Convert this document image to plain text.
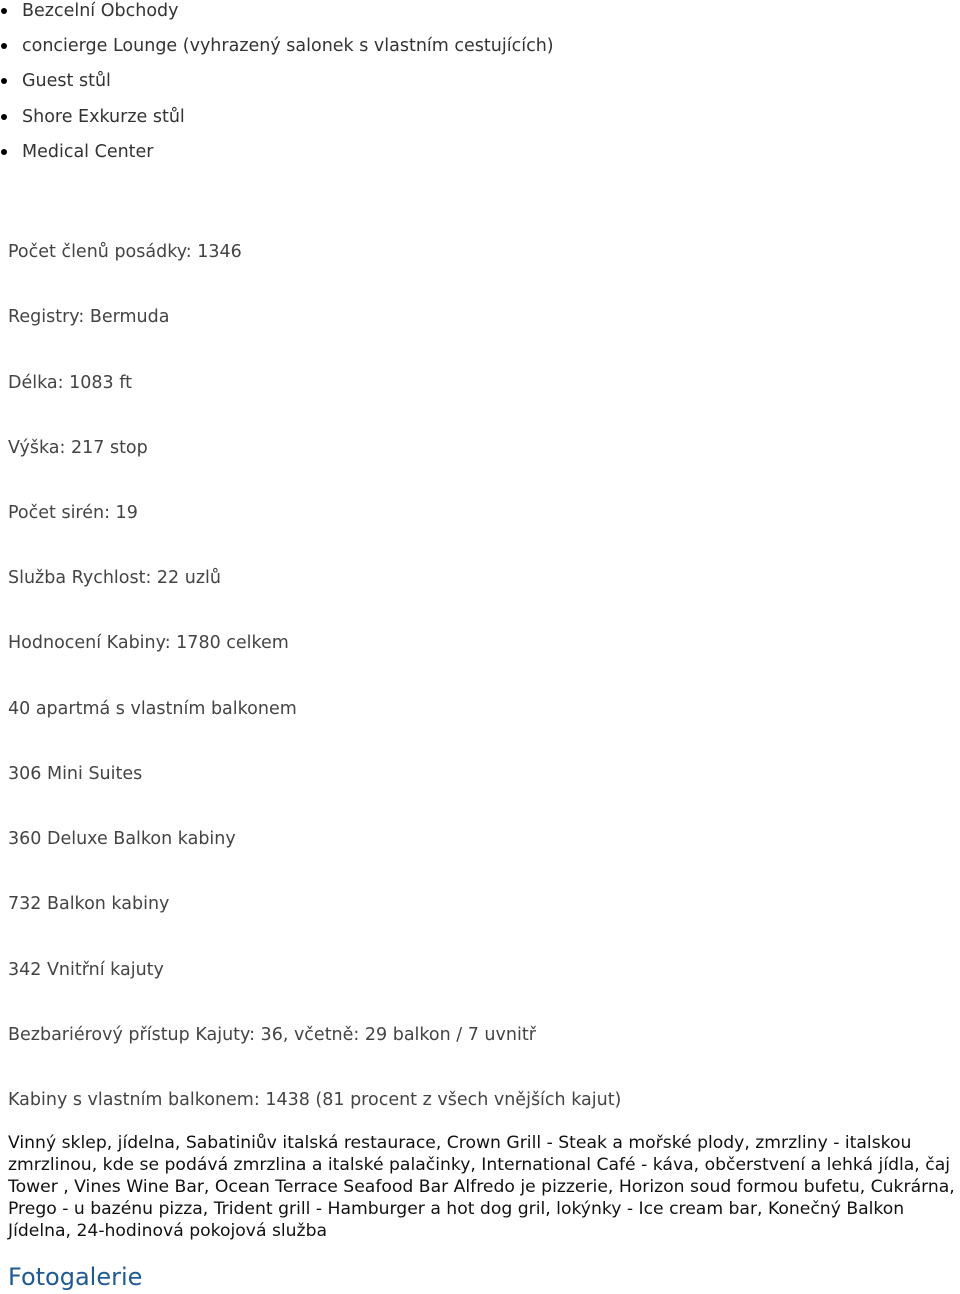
Bezcelní Obchody
concierge Lounge (vyhrazený salonek s vlastním cestujících)
Guest stůl
Shore Exkurze stůl
Medical Center
Počet členů posádky: 1346
Registry: Bermuda
Délka: 1083 ft
Výška: 217 stop
Počet sirén: 19
Služba Rychlost: 22 uzlů
Hodnocení Kabiny: 1780 celkem
40 apartmá s vlastním balkonem
306 Mini Suites
360 Deluxe Balkon kabiny
732 Balkon kabiny
342 Vnitřní kajuty
Bezbariérový přístup Kajuty: 36, včetně: 29 balkon / 7 uvnitř
Kabiny s vlastním balkonem: 1438 (81 procent z všech vnějších kajut)
Vinný sklep, jídelna, Sabatiniův italská restaurace, Crown Grill - Steak a mořské plody, zmrzliny - italskou zmrzlinou, kde se podává zmrzlina a italské palačinky, International Café - káva, občerstvení a lehká jídla, čaj Tower , Vines Wine Bar, Ocean Terrace Seafood Bar Alfredo je pizzerie, Horizon soud formou bufetu, Cukrárna, Prego - u bazénu pizza, Trident grill - Hamburger a hot dog gril, lokýnky - Ice cream bar, Konečný Balkon Jídelna, 24-hodinová pokojová služba
Fotogalerie
